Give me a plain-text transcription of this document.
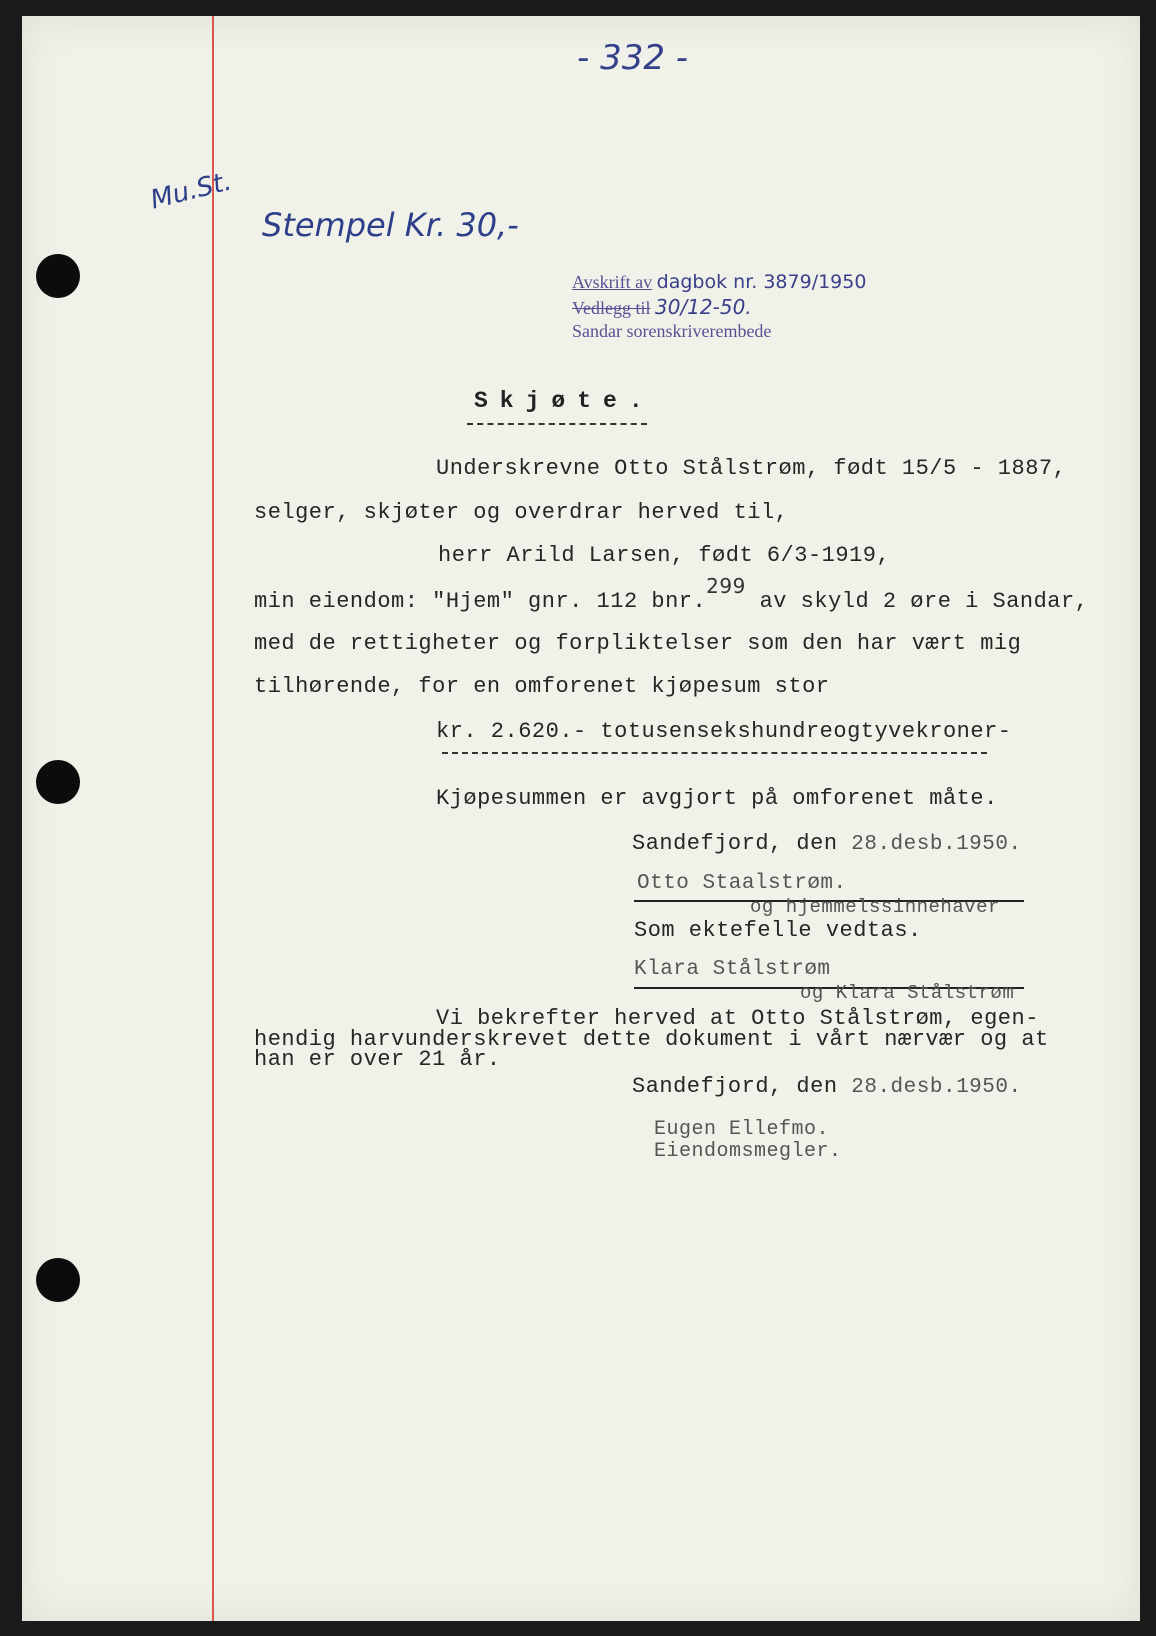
- 332 -
Mu.St.
Stempel Kr. 30,-
Avskrift av dagbok nr. 3879/1950
Vedlegg til 30/12-50.
Sandar sorenskriverembede
Skjøte.
Underskrevne Otto Stålstrøm, født 15/5 - 1887,
selger, skjøter og overdrar herved til,
herr Arild Larsen, født 6/3-1919,
min eiendom: "Hjem" gnr. 112 bnr.299 av skyld 2 øre i Sandar,
med de rettigheter og forpliktelser som den har vært mig
tilhørende, for en omforenet kjøpesum stor
kr. 2.620.- totusensekshundreogtyvekroner-
Kjøpesummen er avgjort på omforenet måte.
Sandefjord, den 28.desb.1950.
Otto Staalstrøm.
og hjemmelssinnehaver
Som ektefelle vedtas.
Klara Stålstrøm
og Klara Stålstrøm
Vi bekrefter herved at Otto Stålstrøm, egen-
hendig harvunderskrevet dette dokument i vårt nærvær og at
han er over 21 år.
Sandefjord, den 28.desb.1950.
Eugen Ellefmo.
Eiendomsmegler.
